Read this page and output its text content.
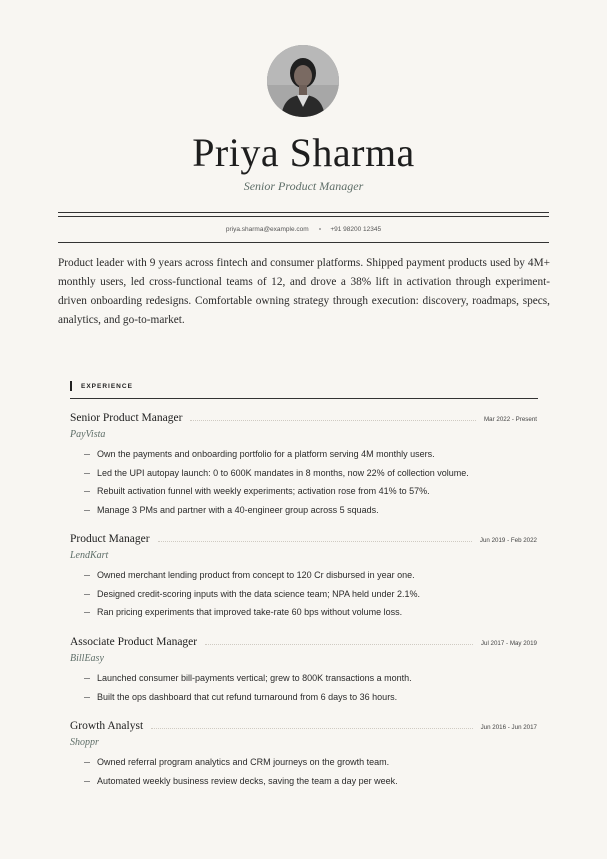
Priya Sharma
Senior Product Manager
priya.sharma@example.com	+91 98200 12345
Product leader with 9 years across fintech and consumer platforms. Shipped payment products used by 4M+ monthly users, led cross-functional teams of 12, and drove a 38% lift in activation through experiment-driven onboarding redesigns. Comfortable owning strategy through execution: discovery, roadmaps, specs, analytics, and go-to-market.
EXPERIENCE
Senior Product Manager	Mar 2022 - Present
PayVista
Own the payments and onboarding portfolio for a platform serving 4M monthly users.
Led the UPI autopay launch: 0 to 600K mandates in 8 months, now 22% of collection volume.
Rebuilt activation funnel with weekly experiments; activation rose from 41% to 57%.
Manage 3 PMs and partner with a 40-engineer group across 5 squads.
Product Manager	Jun 2019 - Feb 2022
LendKart
Owned merchant lending product from concept to 120 Cr disbursed in year one.
Designed credit-scoring inputs with the data science team; NPA held under 2.1%.
Ran pricing experiments that improved take-rate 60 bps without volume loss.
Associate Product Manager	Jul 2017 - May 2019
BillEasy
Launched consumer bill-payments vertical; grew to 800K transactions a month.
Built the ops dashboard that cut refund turnaround from 6 days to 36 hours.
Growth Analyst	Jun 2016 - Jun 2017
Shoppr
Owned referral program analytics and CRM journeys on the growth team.
Automated weekly business review decks, saving the team a day per week.
